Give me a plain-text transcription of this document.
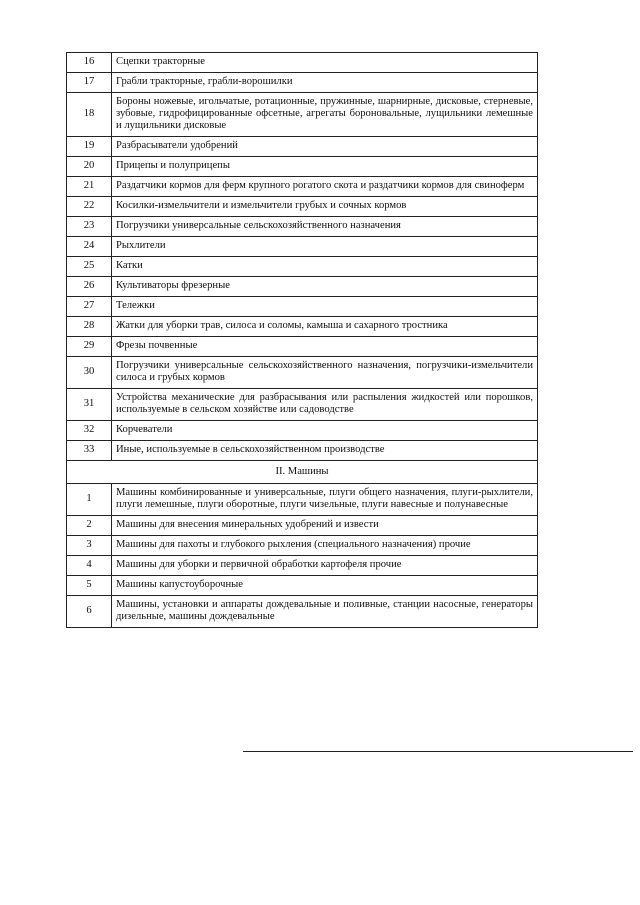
16	Сцепки тракторные
17	Грабли тракторные, грабли-ворошилки
18	Бороны ножевые, игольчатые, ротационные, пружинные, шарнирные, дисковые, стерневые, зубовые, гидрофицированные офсетные, агрегаты бороновальные, лущильники лемешные и лущильники дисковые
19	Разбрасыватели удобрений
20	Прицепы и полуприцепы
21	Раздатчики кормов для ферм крупного рогатого скота и раздатчики кормов для свиноферм
22	Косилки-измельчители и измельчители грубых и сочных кормов
23	Погрузчики универсальные сельскохозяйственного назначения
24	Рыхлители
25	Катки
26	Культиваторы фрезерные
27	Тележки
28	Жатки для уборки трав, силоса и соломы, камыша и сахарного тростника
29	Фрезы почвенные
30	Погрузчики универсальные сельскохозяйственного назначения, погрузчики-измельчители силоса и грубых кормов
31	Устройства механические для разбрасывания или распыления жидкостей или порошков, используемые в сельском хозяйстве или садоводстве
32	Корчеватели
33	Иные, используемые в сельскохозяйственном производстве
II. Машины	
1	Машины комбинированные и универсальные, плуги общего назначения, плуги-рыхлители, плуги лемешные, плуги оборотные, плуги чизельные, плуги навесные и полунавесные
2	Машины для внесения минеральных удобрений и извести
3	Машины для пахоты и глубокого рыхления (специального назначения) прочие
4	Машины для уборки и первичной обработки картофеля прочие
5	Машины капустоуборочные
6	Машины, установки и аппараты дождевальные и поливные, станции насосные, генераторы дизельные, машины дождевальные
